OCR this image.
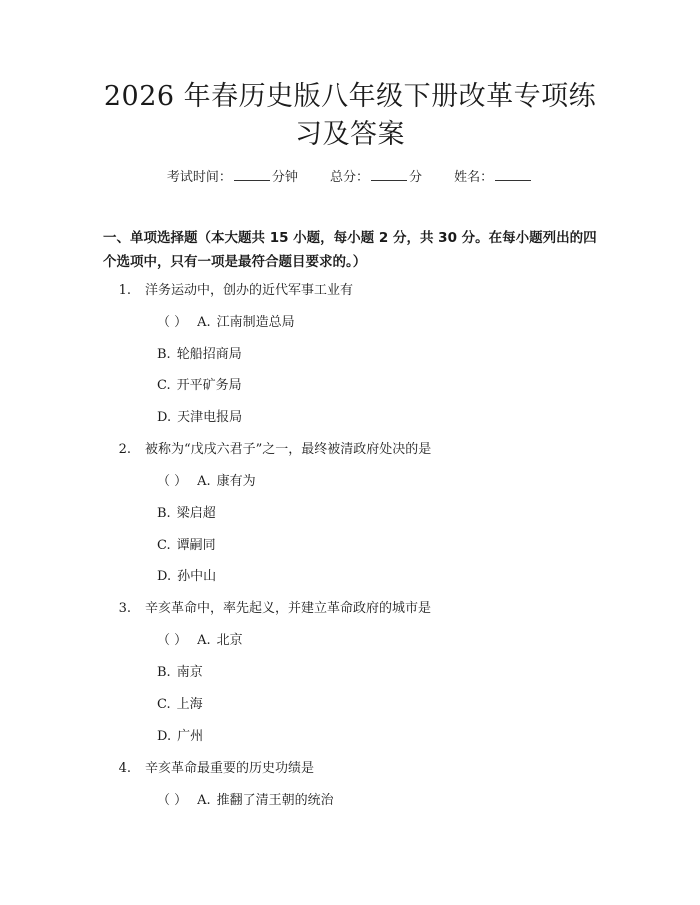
2026 年春历史版八年级下册改革专项练习及答案
考试时间：	分钟 总分：	分 姓名：
一、单项选择题（本大题共 15 小题，每小题 2 分，共 30 分。在每小题列出的四个选项中，只有一项是最符合题目要求的。）
1. 洋务运动中，创办的近代军事工业有
（ ） A. 江南制造总局
B. 轮船招商局
C. 开平矿务局
D. 天津电报局
2. 被称为“戊戌六君子”之一，最终被清政府处决的是
（ ） A. 康有为
B. 梁启超
C. 谭嗣同
D. 孙中山
3. 辛亥革命中，率先起义，并建立革命政府的城市是
（ ） A. 北京
B. 南京
C. 上海
D. 广州
4. 辛亥革命最重要的历史功绩是
（ ） A. 推翻了清王朝的统治
